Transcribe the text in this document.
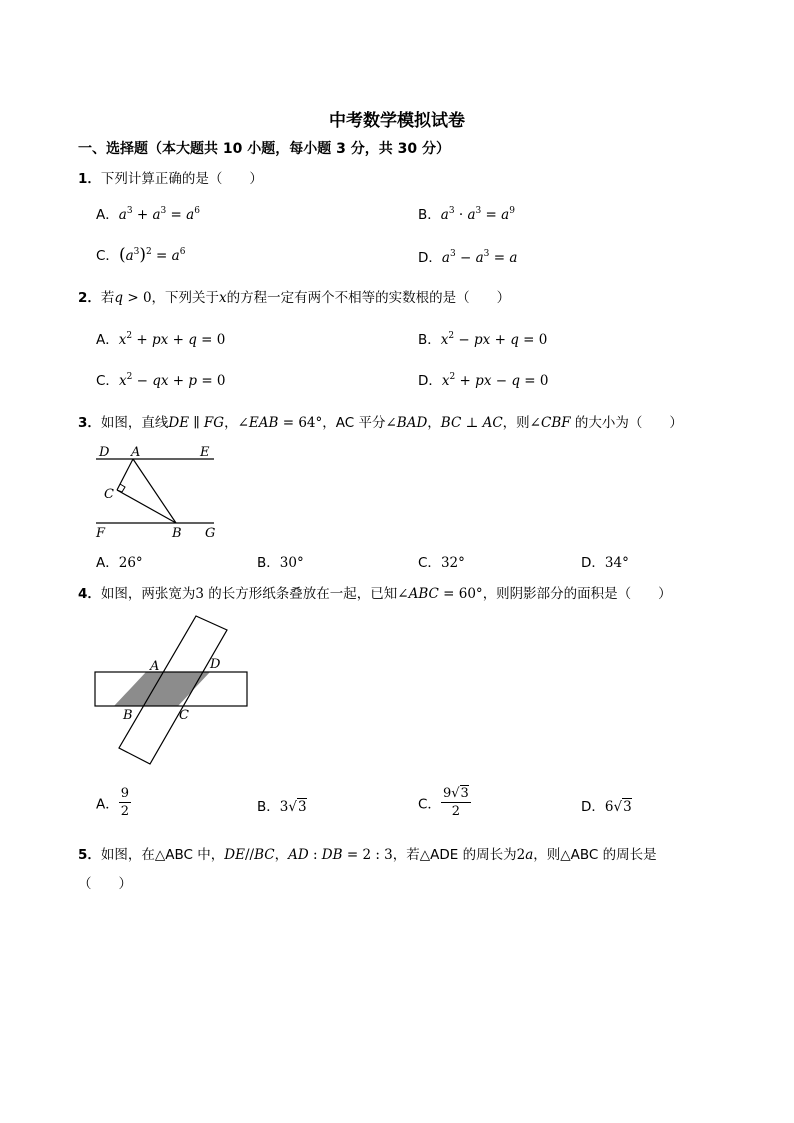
中考数学模拟试卷
一、选择题（本大题共 10 小题，每小题 3 分，共 30 分）
1．下列计算正确的是（　　）
A．$a^3 + a^3 = a^6$	B．$a^3 \cdot a^3 = a^9$
C．$(a^3)^2 = a^6$	D．$a^3 - a^3 = a$
2．若q > 0，下列关于x的方程一定有两个不相等的实数根的是（　　）
A．$x^2$ + px + q = 0	B．$x^2$ − px + q = 0
C．$x^2$ − qx + p = 0	D．$x^2$ + px − q = 0
3．如图，直线DE ∥ FG，∠EAB = 64°，AC 平分∠BAD，BC ⊥ AC，则∠CBF 的大小为（　　）
D A	E
C
F	B G
A．26°	B．30°	C．32°	D．34°
4．如图，两张宽为3 的长方形纸条叠放在一起，已知∠ABC = 60°，则阴影部分的面积是（　　）
A	D
B	C
A． $\frac{9}{2}$	B．3√3	C． $\frac{9√3}{2}$	D．6√3
5．如图，在△ABC 中，DE//BC，AD : DB = 2 : 3，若△ADE 的周长为2a，则△ABC 的周长是
（　　）
